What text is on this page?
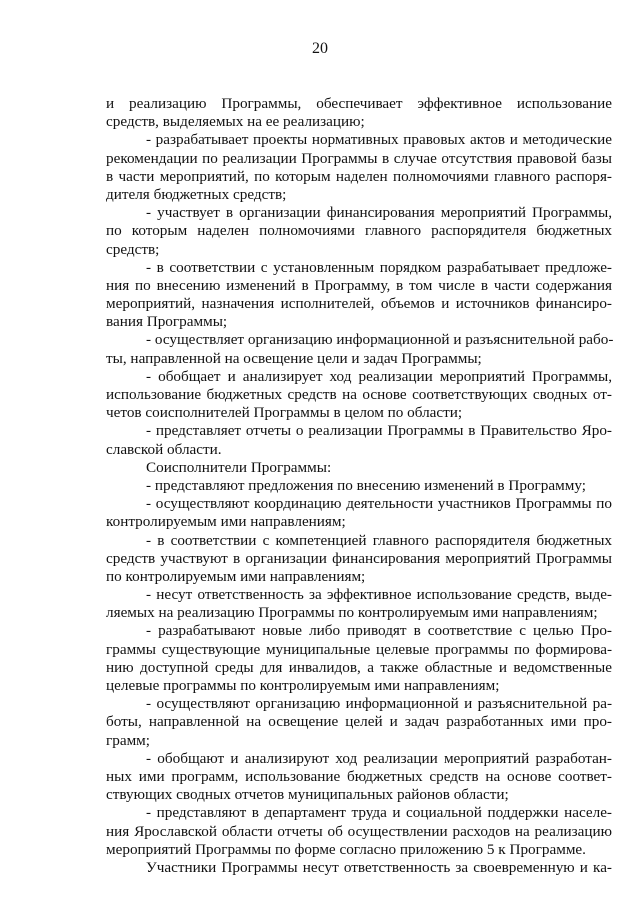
20
и реализацию Программы, обеспечивает эффективное использование
средств, выделяемых на ее реализацию;
- разрабатывает проекты нормативных правовых актов и методические
рекомендации по реализации Программы в случае отсутствия правовой базы
в части мероприятий, по которым наделен полномочиями главного распоря-
дителя бюджетных средств;
- участвует в организации финансирования мероприятий Программы,
по которым наделен полномочиями главного распорядителя бюджетных
средств;
- в соответствии с установленным порядком разрабатывает предложе-
ния по внесению изменений в Программу, в том числе в части содержания
мероприятий, назначения исполнителей, объемов и источников финансиро-
вания Программы;
- осуществляет организацию информационной и разъяснительной рабо-
ты, направленной на освещение цели и задач Программы;
- обобщает и анализирует ход реализации мероприятий Программы,
использование бюджетных средств на основе соответствующих сводных от-
четов соисполнителей Программы в целом по области;
- представляет отчеты о реализации Программы в Правительство Яро-
славской области.
Соисполнители Программы:
- представляют предложения по внесению изменений в Программу;
- осуществляют координацию деятельности участников Программы по
контролируемым ими направлениям;
- в соответствии с компетенцией главного распорядителя бюджетных
средств участвуют в организации финансирования мероприятий Программы
по контролируемым ими направлениям;
- несут ответственность за эффективное использование средств, выде-
ляемых на реализацию Программы по контролируемым ими направлениям;
- разрабатывают новые либо приводят в соответствие с целью Про-
граммы существующие муниципальные целевые программы по формирова-
нию доступной среды для инвалидов, а также областные и ведомственные
целевые программы по контролируемым ими направлениям;
- осуществляют организацию информационной и разъяснительной ра-
боты, направленной на освещение целей и задач разработанных ими про-
грамм;
- обобщают и анализируют ход реализации мероприятий разработан-
ных ими программ, использование бюджетных средств на основе соответ-
ствующих сводных отчетов муниципальных районов области;
- представляют в департамент труда и социальной поддержки населе-
ния Ярославской области отчеты об осуществлении расходов на реализацию
мероприятий Программы по форме согласно приложению 5 к Программе.
Участники Программы несут ответственность за своевременную и ка-
